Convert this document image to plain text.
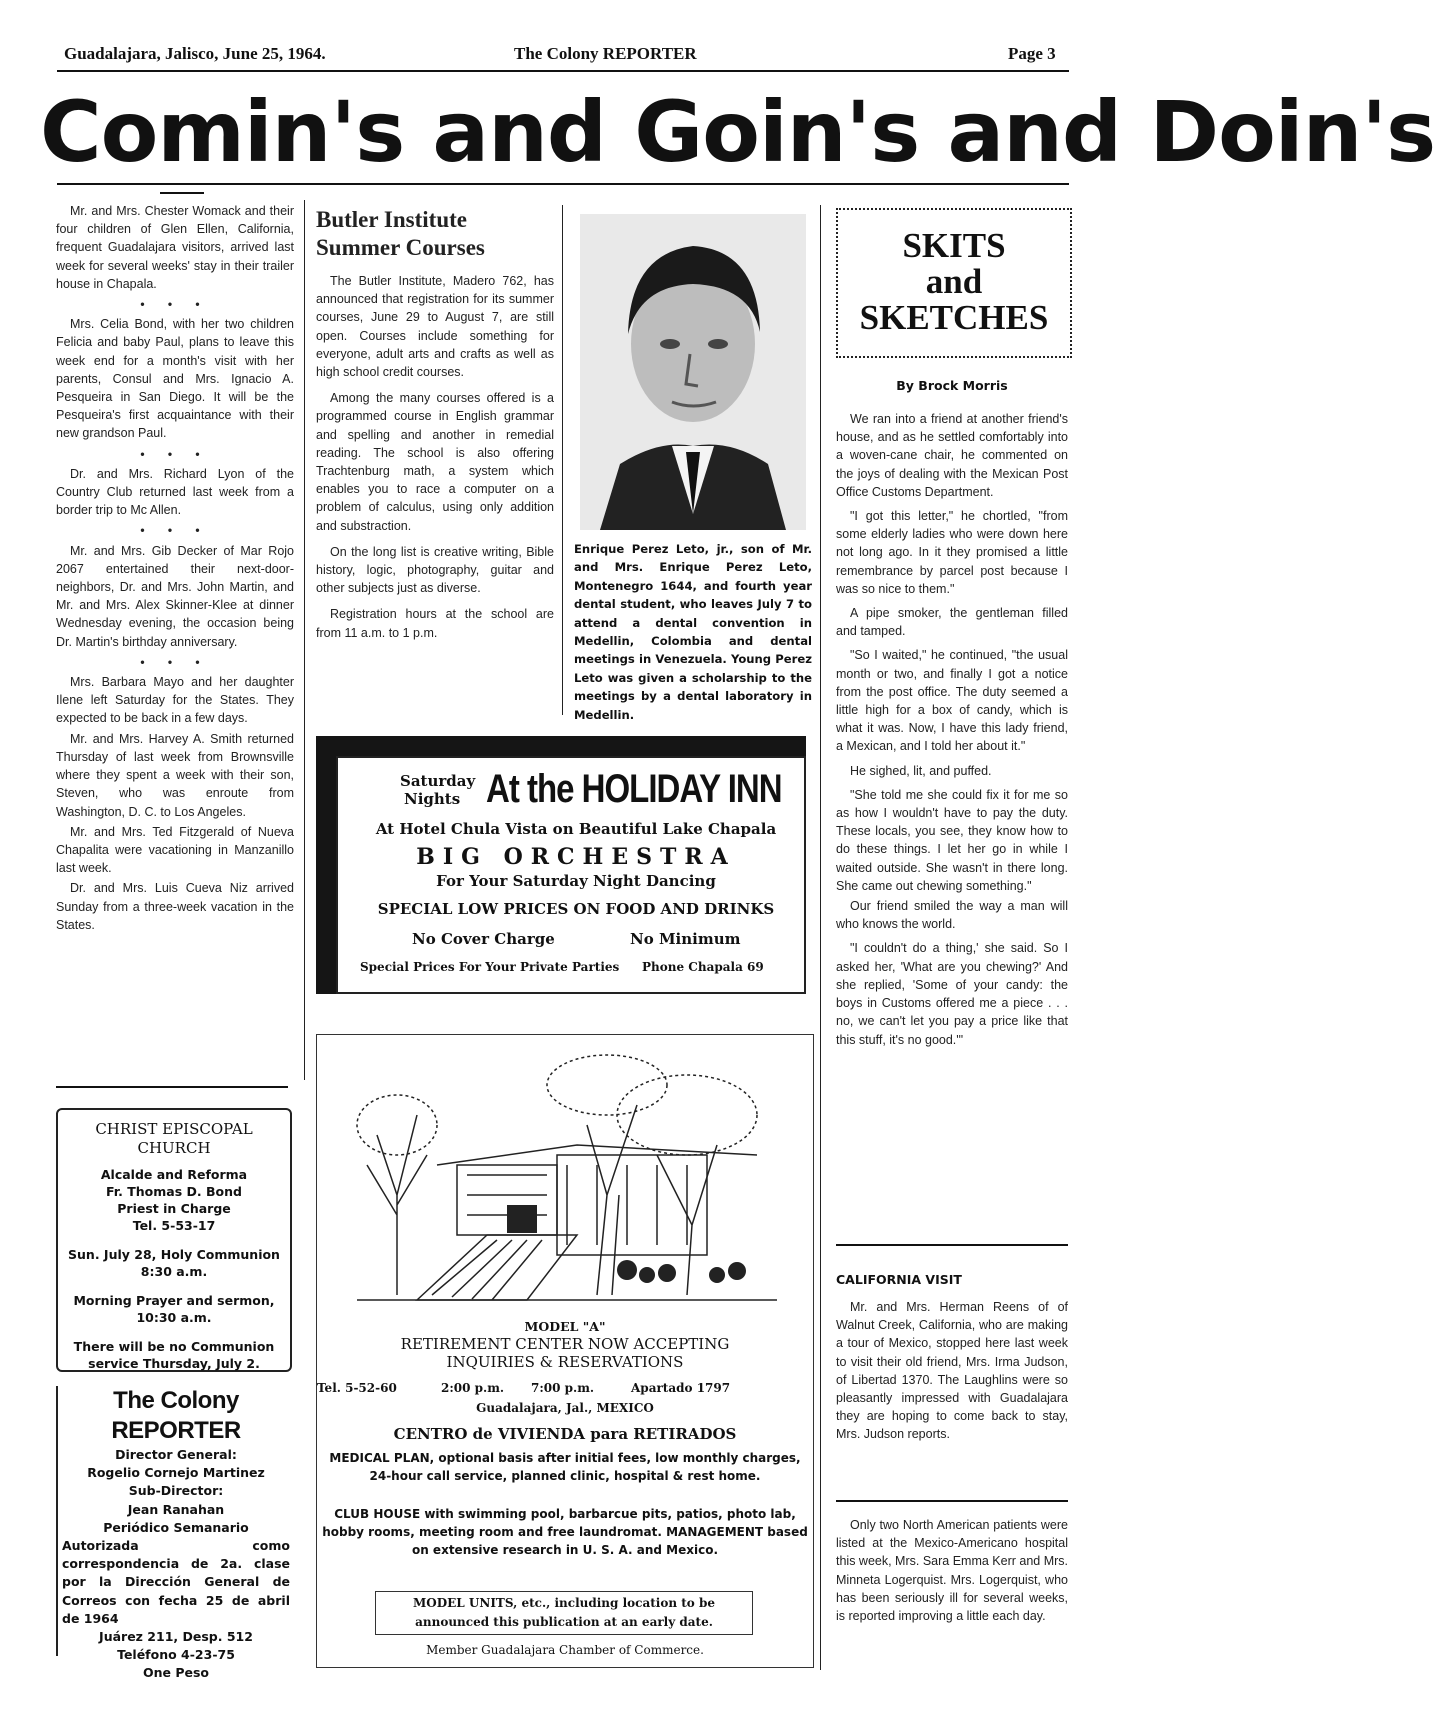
Guadalajara, Jalisco, June 25, 1964.	The Colony REPORTER	Page 3
Comin's and Goin's and Doin's

Mr. and Mrs. Chester Womack and their four children of Glen Ellen, California, frequent Guadalajara visitors, arrived last week for several weeks' stay in their trailer house in Chapala.

• • •

Mrs. Celia Bond, with her two children Felicia and baby Paul, plans to leave this week end for a month's visit with her parents, Consul and Mrs. Ignacio A. Pesqueira in San Diego. It will be the Pesqueira's first acquaintance with their new grandson Paul.

• • •

Dr. and Mrs. Richard Lyon of the Country Club returned last week from a border trip to Mc Allen.

• • •

Mr. and Mrs. Gib Decker of Mar Rojo 2067 entertained their next-door-neighbors, Dr. and Mrs. John Martin, and Mr. and Mrs. Alex Skinner-Klee at dinner Wednesday evening, the occasion being Dr. Martin's birthday anniversary.

• • •

Mrs. Barbara Mayo and her daughter Ilene left Saturday for the States. They expected to be back in a few days.

Mr. and Mrs. Harvey A. Smith returned Thursday of last week from Brownsville where they spent a week with their son, Steven, who was enroute from Washington, D. C. to Los Angeles.

Mr. and Mrs. Ted Fitzgerald of Nueva Chapalita were vacationing in Manzanillo last week.

Dr. and Mrs. Luis Cueva Niz arrived Sunday from a three-week vacation in the States.

CHRIST EPISCOPAL
CHURCH
Alcalde and Reforma
Fr. Thomas D. Bond
Priest in Charge
Tel. 5-53-17
Sun. July 28, Holy Communion
8:30 a.m.
Morning Prayer and sermon,
10:30 a.m.
There will be no Communion
service Thursday, July 2.
The Colony REPORTER
Director General:
Rogelio Cornejo Martinez
Sub-Director:
Jean Ranahan
Periódico Semanario
Autorizada como correspondencia de 2a. clase por la Dirección General de Correos con fecha 25 de abril de 1964
Juárez 211, Desp. 512
Teléfono 4-23-75
One Peso
Butler Institute
Summer Courses

The Butler Institute, Madero 762, has announced that registration for its summer courses, June 29 to August 7, are still open. Courses include something for everyone, adult arts and crafts as well as high school credit courses.

Among the many courses offered is a programmed course in English grammar and spelling and another in remedial reading. The school is also offering Trachtenburg math, a system which enables you to race a computer on a problem of calculus, using only addition and substraction.

On the long list is creative writing, Bible history, logic, photography, guitar and other subjects just as diverse.

Registration hours at the school are from 11 a.m. to 1 p.m.

Enrique Perez Leto, jr., son of Mr. and Mrs. Enrique Perez Leto, Montenegro 1644, and fourth year dental student, who leaves July 7 to attend a dental convention in Medellin, Colombia and dental meetings in Venezuela. Young Perez Leto was given a scholarship to the meetings by a dental laboratory in Medellin.
Saturday
Nights At the HOLIDAY INN
At Hotel Chula Vista on Beautiful Lake Chapala
BIG ORCHESTRA
For Your Saturday Night Dancing
SPECIAL LOW PRICES ON FOOD AND DRINKS
No Cover Charge	No Minimum
Special Prices For Your Private Parties Phone Chapala 69
MODEL "A"
RETIREMENT CENTER NOW ACCEPTING
INQUIRIES & RESERVATIONS
Tel. 5-52-60	2:00 p.m. 7:00 p.m.	Apartado 1797
Guadalajara, Jal., MEXICO
CENTRO de VIVIENDA para RETIRADOS
MEDICAL PLAN, optional basis after initial fees, low monthly charges, 24-hour call service, planned clinic, hospital & rest home.
CLUB HOUSE with swimming pool, barbarcue pits, patios, photo lab, hobby rooms, meeting room and free laundromat. MANAGEMENT based on extensive research in U. S. A. and Mexico.
MODEL UNITS, etc., including location to be announced this publication at an early date.
Member Guadalajara Chamber of Commerce.
SKITS
and
SKETCHES
By Brock Morris

We ran into a friend at another friend's house, and as he settled comfortably into a woven-cane chair, he commented on the joys of dealing with the Mexican Post Office Customs Department.

"I got this letter," he chortled, "from some elderly ladies who were down here not long ago. In it they promised a little remembrance by parcel post because I was so nice to them."

A pipe smoker, the gentleman filled and tamped.

"So I waited," he continued, "the usual month or two, and finally I got a notice from the post office. The duty seemed a little high for a box of candy, which is what it was. Now, I have this lady friend, a Mexican, and I told her about it."

He sighed, lit, and puffed.

"She told me she could fix it for me so as how I wouldn't have to pay the duty. These locals, you see, they know how to do these things. I let her go in while I waited outside. She wasn't in there long. She came out chewing something."

Our friend smiled the way a man will who knows the world.

"I couldn't do a thing,' she said. So I asked her, 'What are you chewing?' And she replied, 'Some of your candy: the boys in Customs offered me a piece . . . no, we can't let you pay a price like that this stuff, it's no good.'"

CALIFORNIA VISIT

Mr. and Mrs. Herman Reens of of Walnut Creek, California, who are making a tour of Mexico, stopped here last week to visit their old friend, Mrs. Irma Judson, of Libertad 1370. The Laughlins were so pleasantly impressed with Guadalajara they are hoping to come back to stay, Mrs. Judson reports.

Only two North American patients were listed at the Mexico-Americano hospital this week, Mrs. Sara Emma Kerr and Mrs. Minneta Logerquist. Mrs. Logerquist, who has been seriously ill for several weeks, is reported improving a little each day.
